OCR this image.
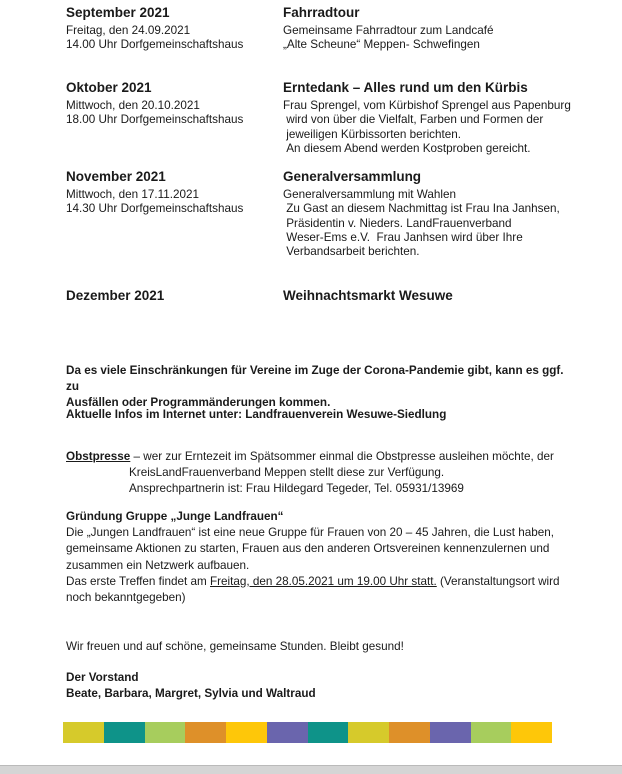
September 2021
Freitag, den 24.09.2021
14.00 Uhr Dorfgemeinschaftshaus
Fahrradtour
Gemeinsame Fahrradtour zum Landcafé
„Alte Scheune“ Meppen- Schwefingen
Oktober 2021
Mittwoch, den 20.10.2021
18.00 Uhr Dorfgemeinschaftshaus
Erntedank – Alles rund um den Kürbis
Frau Sprengel, vom Kürbishof Sprengel aus Papenburg
wird von über die Vielfalt, Farben und Formen der
jeweiligen Kürbissorten berichten.
An diesem Abend werden Kostproben gereicht.
November 2021
Mittwoch, den 17.11.2021
14.30 Uhr Dorfgemeinschaftshaus
Generalversammlung
Generalversammlung mit Wahlen
Zu Gast an diesem Nachmittag ist Frau Ina Janhsen,
Präsidentin v. Nieders. LandFrauenverband
Weser-Ems e.V.  Frau Janhsen wird über Ihre
Verbandsarbeit berichten.
Dezember 2021	Weihnachtsmarkt Wesuwe
Da es viele Einschränkungen für Vereine im Zuge der Corona-Pandemie gibt, kann es ggf. zu
Ausfällen oder Programmänderungen kommen.
Aktuelle Infos im Internet unter: Landfrauenverein Wesuwe-Siedlung
Obstpresse – wer zur Erntezeit im Spätsommer einmal die Obstpresse ausleihen möchte, der
KreisLandFrauenverband Meppen stellt diese zur Verfügung.
Ansprechpartnerin ist: Frau Hildegard Tegeder, Tel. 05931/13969
Gründung Gruppe „Junge Landfrauen“
Die „Jungen Landfrauen“ ist eine neue Gruppe für Frauen von 20 – 45 Jahren, die Lust haben,
gemeinsame Aktionen zu starten, Frauen aus den anderen Ortsvereinen kennenzulernen und
zusammen ein Netzwerk aufbauen.
Das erste Treffen findet am Freitag, den 28.05.2021 um 19.00 Uhr statt. (Veranstaltungsort wird
noch bekanntgegeben)
Wir freuen und auf schöne, gemeinsame Stunden. Bleibt gesund!
Der Vorstand
Beate, Barbara, Margret, Sylvia und Waltraud
